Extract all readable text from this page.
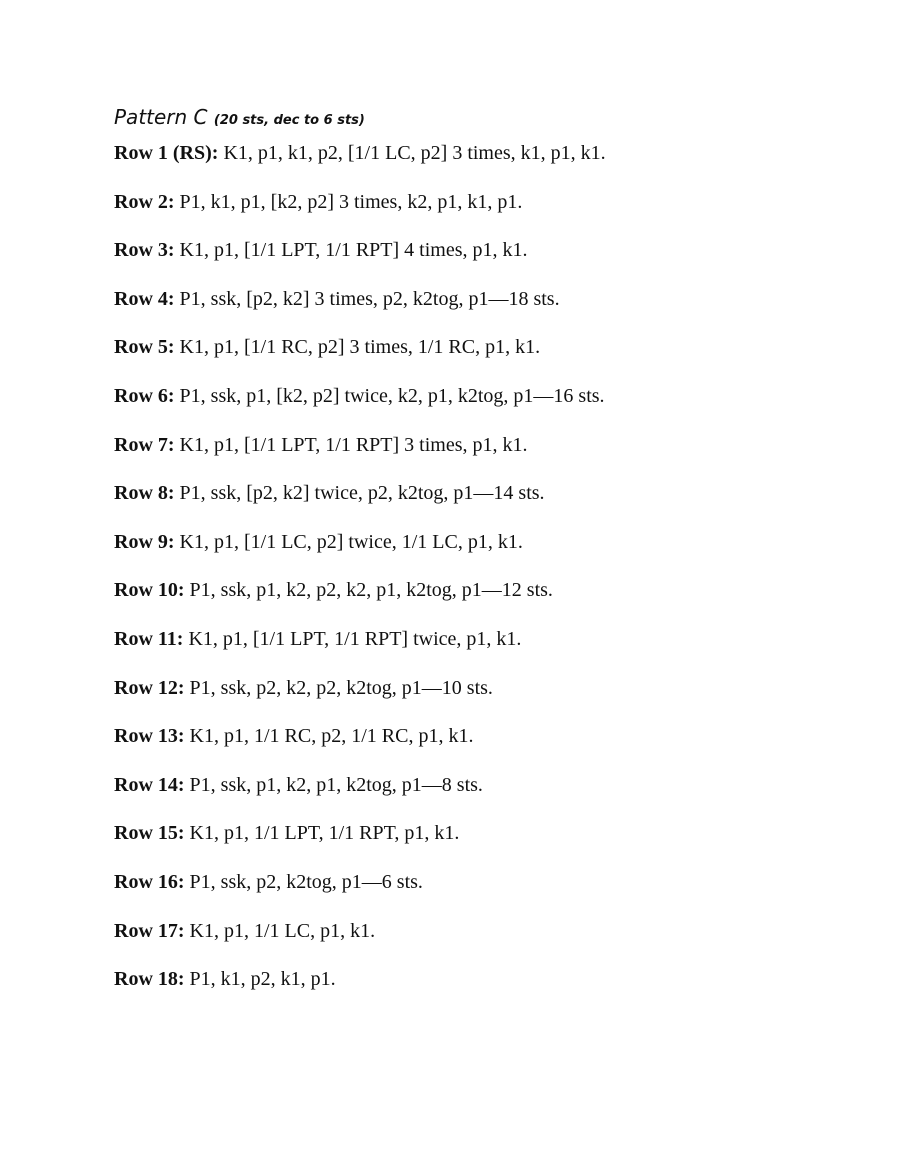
Pattern C (20 sts, dec to 6 sts)
Row 1 (RS): K1, p1, k1, p2, [1/1 LC, p2] 3 times, k1, p1, k1.
Row 2: P1, k1, p1, [k2, p2] 3 times, k2, p1, k1, p1.
Row 3: K1, p1, [1/1 LPT, 1/1 RPT] 4 times, p1, k1.
Row 4: P1, ssk, [p2, k2] 3 times, p2, k2tog, p1—18 sts.
Row 5: K1, p1, [1/1 RC, p2] 3 times, 1/1 RC, p1, k1.
Row 6: P1, ssk, p1, [k2, p2] twice, k2, p1, k2tog, p1—16 sts.
Row 7: K1, p1, [1/1 LPT, 1/1 RPT] 3 times, p1, k1.
Row 8: P1, ssk, [p2, k2] twice, p2, k2tog, p1—14 sts.
Row 9: K1, p1, [1/1 LC, p2] twice, 1/1 LC, p1, k1.
Row 10: P1, ssk, p1, k2, p2, k2, p1, k2tog, p1—12 sts.
Row 11: K1, p1, [1/1 LPT, 1/1 RPT] twice, p1, k1.
Row 12: P1, ssk, p2, k2, p2, k2tog, p1—10 sts.
Row 13: K1, p1, 1/1 RC, p2, 1/1 RC, p1, k1.
Row 14: P1, ssk, p1, k2, p1, k2tog, p1—8 sts.
Row 15: K1, p1, 1/1 LPT, 1/1 RPT, p1, k1.
Row 16: P1, ssk, p2, k2tog, p1—6 sts.
Row 17: K1, p1, 1/1 LC, p1, k1.
Row 18: P1, k1, p2, k1, p1.
